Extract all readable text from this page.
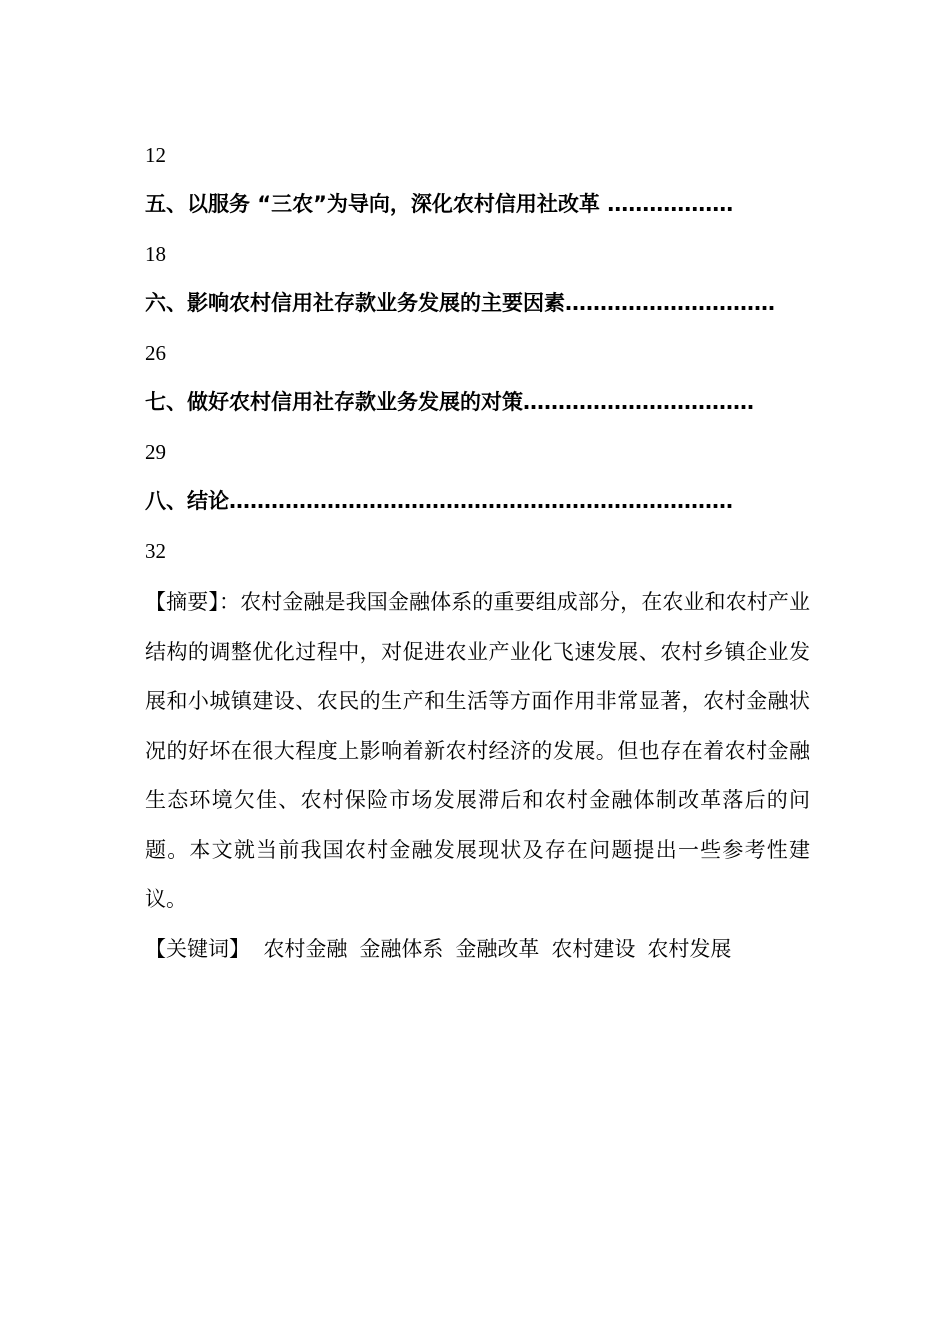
12
五、以服务 “三农”为导向，深化农村信用社改革 ………………
18
六、影响农村信用社存款业务发展的主要因素…………………………
26
七、做好农村信用社存款业务发展的对策……………………………
29
八、结论………………………………………………………………
32
【摘要】：农村金融是我国金融体系的重要组成部分，在农业和农村产业结构的调整优化过程中，对促进农业产业化飞速发展、农村乡镇企业发展和小城镇建设、农民的生产和生活等方面作用非常显著，农村金融状况的好坏在很大程度上影响着新农村经济的发展。但也存在着农村金融生态环境欠佳、农村保险市场发展滞后和农村金融体制改革落后的问题。本文就当前我国农村金融发展现状及存在问题提出一些参考性建议。
【关键词】 农村金融 金融体系 金融改革 农村建设 农村发展
